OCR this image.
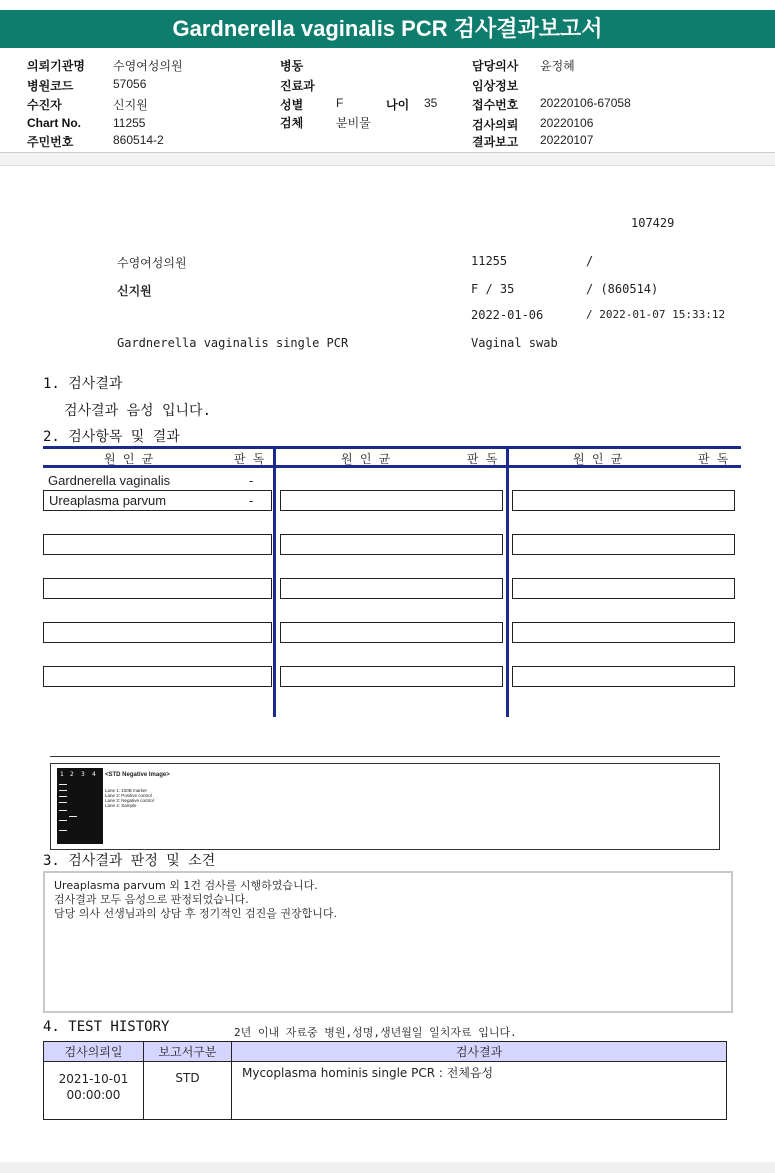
Gardnerella vaginalis PCR 검사결과보고서
의뢰기관명 수영여성의원
병원코드	57056
수진자	신지원
Chart No.	11255
주민번호	860514-2
병동
진료과
성별	F	나이 35
검체	분비물
담당의사 윤정혜
임상정보
접수번호 20220106-67058
검사의뢰 20220106
결과보고 20220107
107429
수영여성의원	11255	/
신지원	F / 35	/ (860514)
2022-01-06	/ 2022-01-07 15:33:12
Gardnerella vaginalis single PCR	Vaginal swab
1. 검사결과
검사결과 음성 입니다.
2. 검사항목 및 결과
원 인 균	판 독	원 인 균	판 독	원 인 균	판 독
Gardnerella vaginalis	-
Ureaplasma parvum	-
1 2 3 4 <STD Negative Image>
Lane 1: 100B marker
Lane 2: Positive control
Lane 3: Negative control
Lane 4: Sample
3. 검사결과 판정 및 소견
Ureaplasma parvum 외 1건 검사를 시행하였습니다.
검사결과 모두 음성으로 판정되었습니다.
담당 의사 선생님과의 상담 후 정기적인 검진을 권장합니다.
4. TEST HISTORY	2년 이내 자료중 병원,성명,생년월일 일치자료 입니다.
검사의뢰일	보고서구분	검사결과

2021-10-01
00:00:00	STD	Mycoplasma hominis single PCR : 전체음성
